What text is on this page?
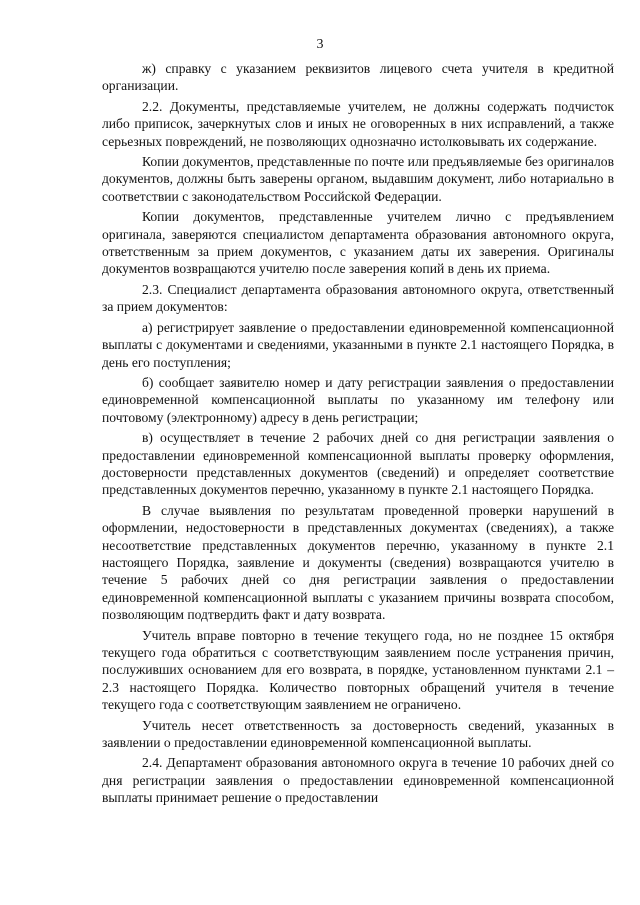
3

ж) справку с указанием реквизитов лицевого счета учителя в кредитной организации.

2.2. Документы, представляемые учителем, не должны содержать подчисток либо приписок, зачеркнутых слов и иных не оговоренных в них исправлений, а также серьезных повреждений, не позволяющих однозначно истолковывать их содержание.

Копии документов, представленные по почте или предъявляемые без оригиналов документов, должны быть заверены органом, выдавшим документ, либо нотариально в соответствии с законодательством Российской Федерации.

Копии документов, представленные учителем лично с предъявлением оригинала, заверяются специалистом департамента образования автономного округа, ответственным за прием документов, с указанием даты их заверения. Оригиналы документов возвращаются учителю после заверения копий в день их приема.

2.3. Специалист департамента образования автономного округа, ответственный за прием документов:

а) регистрирует заявление о предоставлении единовременной компенсационной выплаты с документами и сведениями, указанными в пункте 2.1 настоящего Порядка, в день его поступления;

б) сообщает заявителю номер и дату регистрации заявления о предоставлении единовременной компенсационной выплаты по указанному им телефону или почтовому (электронному) адресу в день регистрации;

в) осуществляет в течение 2 рабочих дней со дня регистрации заявления о предоставлении единовременной компенсационной выплаты проверку оформления, достоверности представленных документов (сведений) и определяет соответствие представленных документов перечню, указанному в пункте 2.1 настоящего Порядка.

В случае выявления по результатам проведенной проверки нарушений в оформлении, недостоверности в представленных документах (сведениях), а также несоответствие представленных документов перечню, указанному в пункте 2.1 настоящего Порядка, заявление и документы (сведения) возвращаются учителю в течение 5 рабочих дней со дня регистрации заявления о предоставлении единовременной компенсационной выплаты с указанием причины возврата способом, позволяющим подтвердить факт и дату возврата.

Учитель вправе повторно в течение текущего года, но не позднее 15 октября текущего года обратиться с соответствующим заявлением после устранения причин, послуживших основанием для его возврата, в порядке, установленном пунктами 2.1 – 2.3 настоящего Порядка. Количество повторных обращений учителя в течение текущего года с соответствующим заявлением не ограничено.

Учитель несет ответственность за достоверность сведений, указанных в заявлении о предоставлении единовременной компенсационной выплаты.

2.4. Департамент образования автономного округа в течение 10 рабочих дней со дня регистрации заявления о предоставлении единовременной компенсационной выплаты принимает решение о предоставлении
